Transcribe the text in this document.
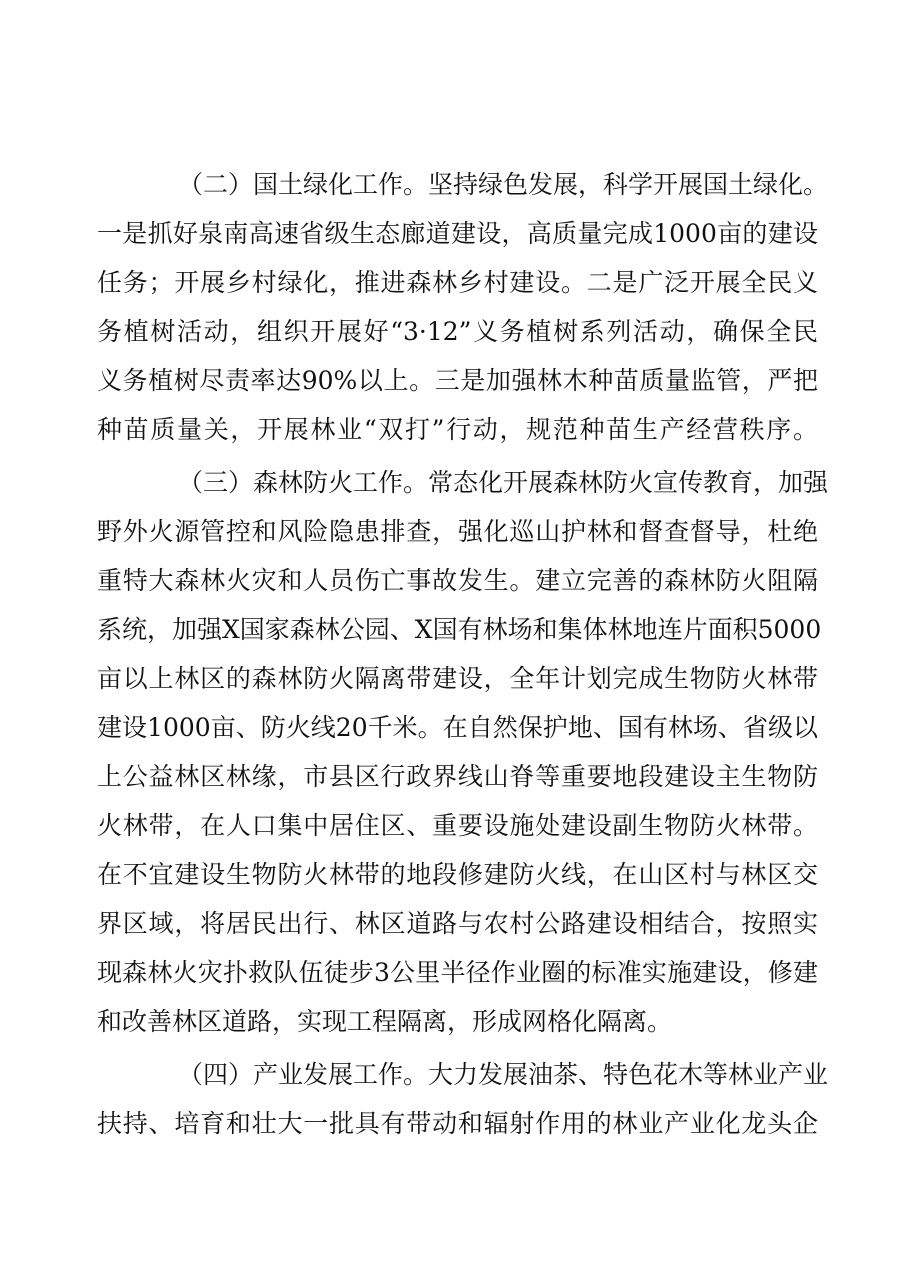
（二）国土绿化工作。坚持绿色发展，科学开展国土绿化。
一是抓好泉南高速省级生态廊道建设，高质量完成1000亩的建设
任务；开展乡村绿化，推进森林乡村建设。二是广泛开展全民义
务植树活动，组织开展好“3·12”义务植树系列活动，确保全民
义务植树尽责率达90%以上。三是加强林木种苗质量监管，严把
种苗质量关，开展林业“双打”行动，规范种苗生产经营秩序。
（三）森林防火工作。常态化开展森林防火宣传教育，加强
野外火源管控和风险隐患排查，强化巡山护林和督查督导，杜绝
重特大森林火灾和人员伤亡事故发生。建立完善的森林防火阻隔
系统，加强X国家森林公园、X国有林场和集体林地连片面积5000
亩以上林区的森林防火隔离带建设，全年计划完成生物防火林带
建设1000亩、防火线20千米。在自然保护地、国有林场、省级以
上公益林区林缘，市县区行政界线山脊等重要地段建设主生物防
火林带，在人口集中居住区、重要设施处建设副生物防火林带。
在不宜建设生物防火林带的地段修建防火线，在山区村与林区交
界区域，将居民出行、林区道路与农村公路建设相结合，按照实
现森林火灾扑救队伍徒步3公里半径作业圈的标准实施建设，修建
和改善林区道路，实现工程隔离，形成网格化隔离。
（四）产业发展工作。大力发展油茶、特色花木等林业产业
扶持、培育和壮大一批具有带动和辐射作用的林业产业化龙头企
